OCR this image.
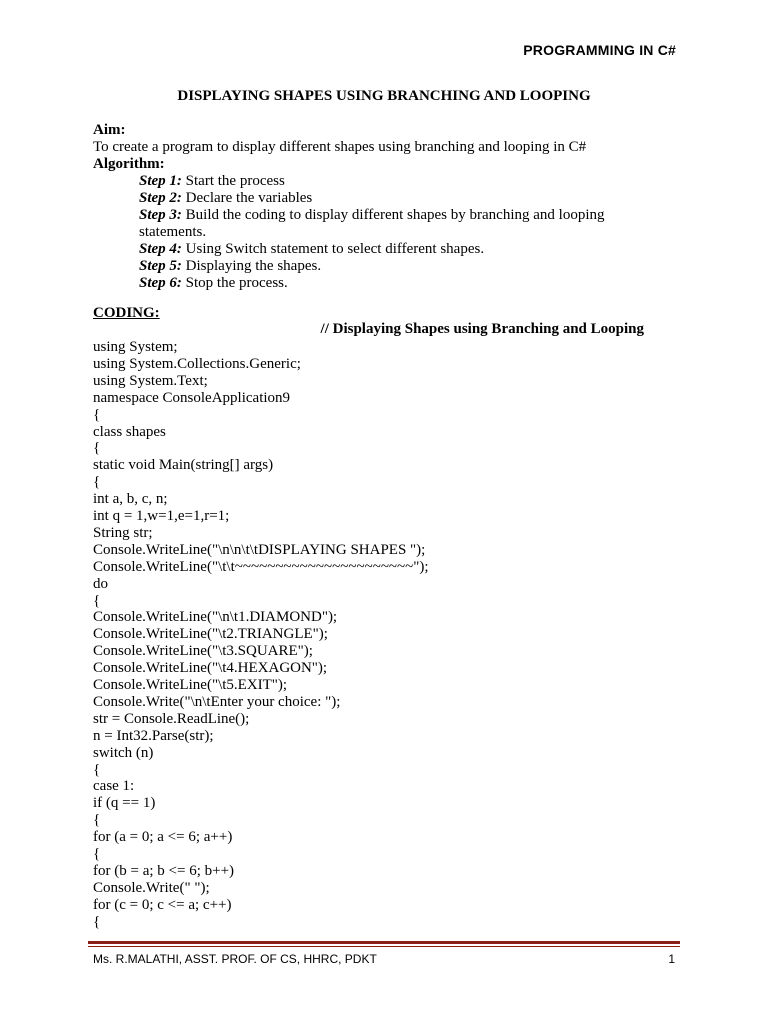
PROGRAMMING IN C#
DISPLAYING SHAPES USING BRANCHING AND LOOPING
Aim:
To create a program to display different shapes using branching and looping in C#
Algorithm:
Step 1: Start the process
Step 2: Declare the variables
Step 3: Build the coding to display different shapes by branching and looping
statements.
Step 4: Using Switch statement to select different shapes.
Step 5: Displaying the shapes.
Step 6: Stop the process.
CODING:
// Displaying Shapes using Branching and Looping
using System;
using System.Collections.Generic;
using System.Text;
namespace ConsoleApplication9
{
class shapes
{
static void Main(string[] args)
{
int a, b, c, n;
int q = 1,w=1,e=1,r=1;
String str;
Console.WriteLine("\n\n\t\tDISPLAYING SHAPES ");
Console.WriteLine("\t\t~~~~~~~~~~~~~~~~~~~~~~");
do
{
Console.WriteLine("\n\t1.DIAMOND");
Console.WriteLine("\t2.TRIANGLE");
Console.WriteLine("\t3.SQUARE");
Console.WriteLine("\t4.HEXAGON");
Console.WriteLine("\t5.EXIT");
Console.Write("\n\tEnter your choice: ");
str = Console.ReadLine();
n = Int32.Parse(str);
switch (n)
{
case 1:
if (q == 1)
{
for (a = 0; a <= 6; a++)
{
for (b = a; b <= 6; b++)
Console.Write(" ");
for (c = 0; c <= a; c++)
{
Ms. R.MALATHI, ASST. PROF. OF CS, HHRC, PDKT	1
